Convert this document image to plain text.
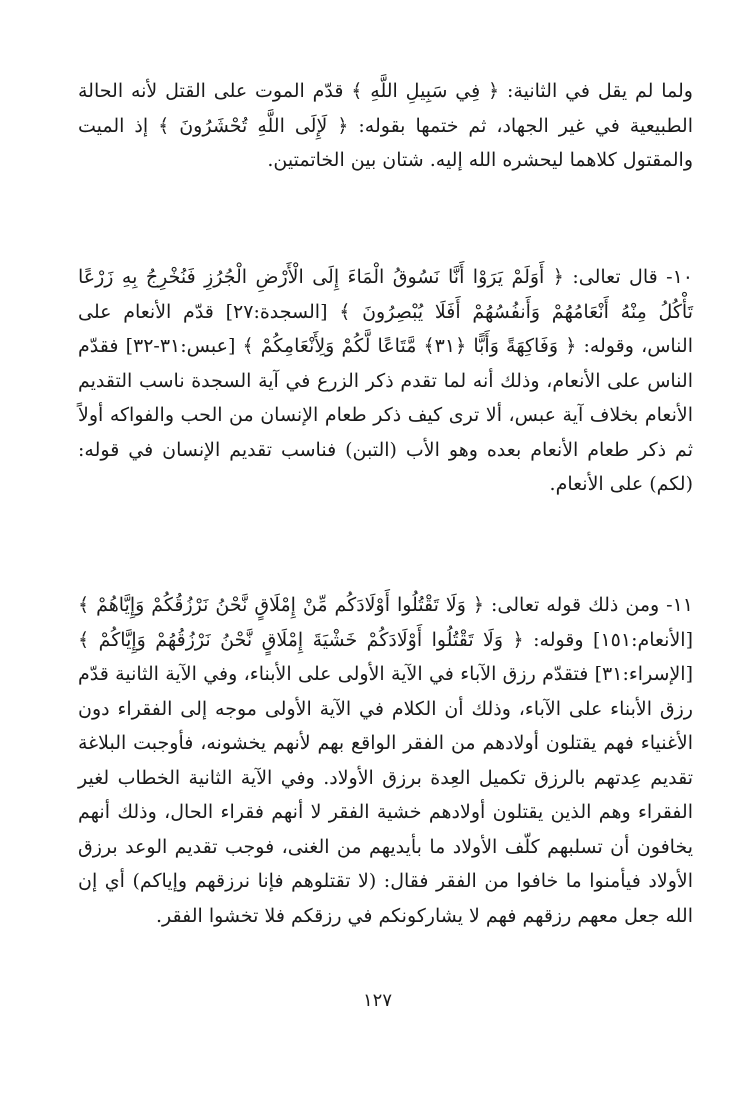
ولما لم يقل في الثانية: ﴿ فِي سَبِيلِ اللَّهِ ﴾ قدّم الموت على القتل لأنه الحالة الطبيعية في غير الجهاد، ثم ختمها بقوله: ﴿ لَإِلَى اللَّهِ تُحْشَرُونَ ﴾ إذ الميت والمقتول كلاهما ليحشره الله إليه. شتان بين الخاتمتين.

١٠- قال تعالى: ﴿ أَوَلَمْ يَرَوْا أَنَّا نَسُوقُ الْمَاءَ إِلَى الْأَرْضِ الْجُرُزِ فَنُخْرِجُ بِهِ زَرْعًا تَأْكُلُ مِنْهُ أَنْعَامُهُمْ وَأَنفُسُهُمْ أَفَلَا يُبْصِرُونَ ﴾ [السجدة:٢٧] قدّم الأنعام على الناس، وقوله: ﴿ وَفَاكِهَةً وَأَبًّا ﴿٣١﴾ مَّتَاعًا لَّكُمْ وَلِأَنْعَامِكُمْ ﴾ [عبس:٣١-٣٢] فقدّم الناس على الأنعام، وذلك أنه لما تقدم ذكر الزرع في آية السجدة ناسب التقديم الأنعام بخلاف آية عبس، ألا ترى كيف ذكر طعام الإنسان من الحب والفواكه أولاً ثم ذكر طعام الأنعام بعده وهو الأب (التبن) فناسب تقديم الإنسان في قوله: (لكم) على الأنعام.

١١- ومن ذلك قوله تعالى: ﴿ وَلَا تَقْتُلُوا أَوْلَادَكُم مِّنْ إِمْلَاقٍ نَّحْنُ نَرْزُقُكُمْ وَإِيَّاهُمْ ﴾ [الأنعام:١٥١] وقوله: ﴿ وَلَا تَقْتُلُوا أَوْلَادَكُمْ خَشْيَةَ إِمْلَاقٍ نَّحْنُ نَرْزُقُهُمْ وَإِيَّاكُمْ ﴾ [الإسراء:٣١] فتقدّم رزق الآباء في الآية الأولى على الأبناء، وفي الآية الثانية قدّم رزق الأبناء على الآباء، وذلك أن الكلام في الآية الأولى موجه إلى الفقراء دون الأغنياء فهم يقتلون أولادهم من الفقر الواقع بهم لأنهم يخشونه، فأوجبت البلاغة تقديم عِدتهم بالرزق تكميل العِدة برزق الأولاد. وفي الآية الثانية الخطاب لغير الفقراء وهم الذين يقتلون أولادهم خشية الفقر لا أنهم فقراء الحال، وذلك أنهم يخافون أن تسلبهم كلّف الأولاد ما بأيديهم من الغنى، فوجب تقديم الوعد برزق الأولاد فيأمنوا ما خافوا من الفقر فقال: (لا تقتلوهم فإنا نرزقهم وإياكم) أي إن الله جعل معهم رزقهم فهم لا يشاركونكم في رزقكم فلا تخشوا الفقر.

١٢٧
